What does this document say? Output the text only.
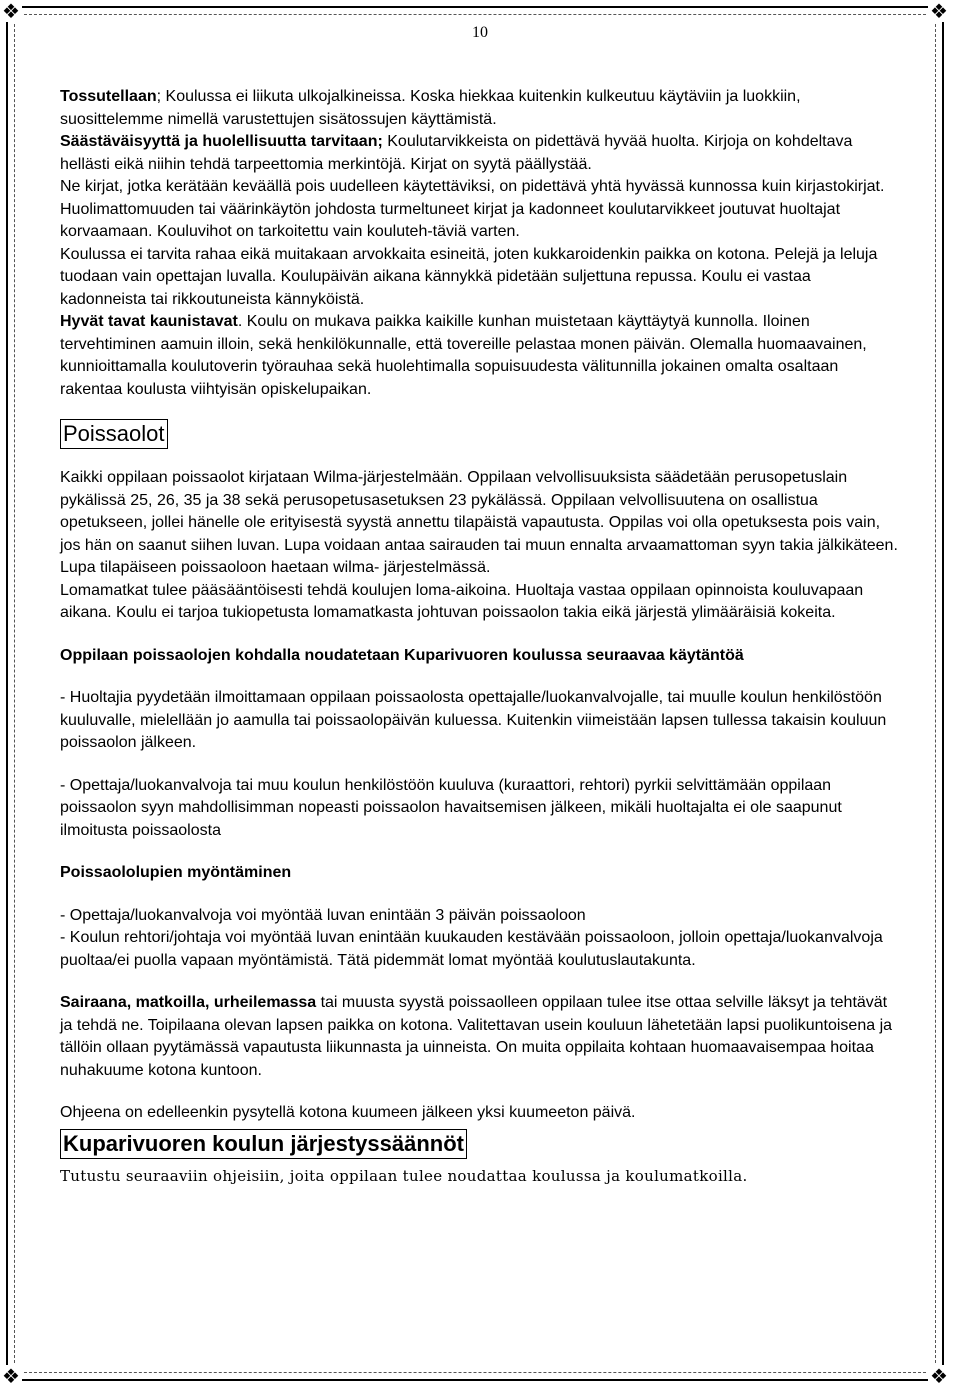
❖	❖
❖	❖
10

Tossutellaan; Koulussa ei liikuta ulkojalkineissa. Koska hiekkaa kuitenkin kulkeutuu käytäviin ja luokkiin, suosittelemme nimellä varustettujen sisätossujen käyttämistä.

Säästäväisyyttä ja huolellisuutta tarvitaan; Koulutarvikkeista on pidettävä hyvää huolta. Kirjoja on kohdeltava hellästi eikä niihin tehdä tarpeettomia merkintöjä. Kirjat on syytä päällystää.

Ne kirjat, jotka kerätään keväällä pois uudelleen käytettäviksi, on pidettävä yhtä hyvässä kunnossa kuin kirjastokirjat. Huolimattomuuden tai väärinkäytön johdosta turmeltuneet kirjat ja kadonneet koulutarvikkeet joutuvat huoltajat korvaamaan. Kouluvihot on tarkoitettu vain kouluteh-täviä varten.

Koulussa ei tarvita rahaa eikä muitakaan arvokkaita esineitä, joten kukkaroidenkin paikka on kotona. Pelejä ja leluja tuodaan vain opettajan luvalla. Koulupäivän aikana kännykkä pidetään suljettuna repussa. Koulu ei vastaa kadonneista tai rikkoutuneista kännyköistä.

Hyvät tavat kaunistavat. Koulu on mukava paikka kaikille kunhan muistetaan käyttäytyä kunnolla. Iloinen tervehtiminen aamuin illoin, sekä henkilökunnalle, että tovereille pelastaa monen päivän. Olemalla huomaavainen, kunnioittamalla koulutoverin työrauhaa sekä huolehtimalla sopuisuudesta välitunnilla jokainen omalta osaltaan rakentaa koulusta viihtyisän opiskelupaikan.

Poissaolot

Kaikki oppilaan poissaolot kirjataan Wilma-järjestelmään. Oppilaan velvollisuuksista säädetään perusopetuslain pykälissä 25, 26, 35 ja 38 sekä perusopetusasetuksen 23 pykälässä. Oppilaan velvollisuutena on osallistua opetukseen, jollei hänelle ole erityisestä syystä annettu tilapäistä vapautusta. Oppilas voi olla opetuksesta pois vain, jos hän on saanut siihen luvan. Lupa voidaan antaa sairauden tai muun ennalta arvaamattoman syyn takia jälkikäteen. Lupa tilapäiseen poissaoloon haetaan wilma- järjestelmässä.

Lomamatkat tulee pääsääntöisesti tehdä koulujen loma-aikoina. Huoltaja vastaa oppilaan opinnoista kouluvapaan aikana. Koulu ei tarjoa tukiopetusta lomamatkasta johtuvan poissaolon takia eikä järjestä ylimääräisiä kokeita.

Oppilaan poissaolojen kohdalla noudatetaan Kuparivuoren koulussa seuraavaa käytäntöä

- Huoltajia pyydetään ilmoittamaan oppilaan poissaolosta opettajalle/luokanvalvojalle, tai muulle koulun henkilöstöön kuuluvalle, mielellään jo aamulla tai poissaolopäivän kuluessa. Kuitenkin viimeistään lapsen tullessa takaisin kouluun poissaolon jälkeen.

- Opettaja/luokanvalvoja tai muu koulun henkilöstöön kuuluva (kuraattori, rehtori) pyrkii selvittämään oppilaan poissaolon syyn mahdollisimman nopeasti poissaolon havaitsemisen jälkeen, mikäli huoltajalta ei ole saapunut ilmoitusta poissaolosta

Poissaololupien myöntäminen

- Opettaja/luokanvalvoja voi myöntää luvan enintään 3 päivän poissaoloon

- Koulun rehtori/johtaja voi myöntää luvan enintään kuukauden kestävään poissaoloon, jolloin opettaja/luokanvalvoja puoltaa/ei puolla vapaan myöntämistä. Tätä pidemmät lomat myöntää koulutuslautakunta.

Sairaana, matkoilla, urheilemassa tai muusta syystä poissaolleen oppilaan tulee itse ottaa selville läksyt ja tehtävät ja tehdä ne. Toipilaana olevan lapsen paikka on kotona. Valitettavan usein kouluun lähetetään lapsi puolikuntoisena ja tällöin ollaan pyytämässä vapautusta liikunnasta ja uinneista. On muita oppilaita kohtaan huomaavaisempaa hoitaa nuhakuume kotona kuntoon.

Ohjeena on edelleenkin pysytellä kotona kuumeen jälkeen yksi kuumeeton päivä.

Kuparivuoren koulun järjestyssäännöt

Tutustu seuraaviin ohjeisiin, joita oppilaan tulee noudattaa koulussa ja koulumatkoilla.
